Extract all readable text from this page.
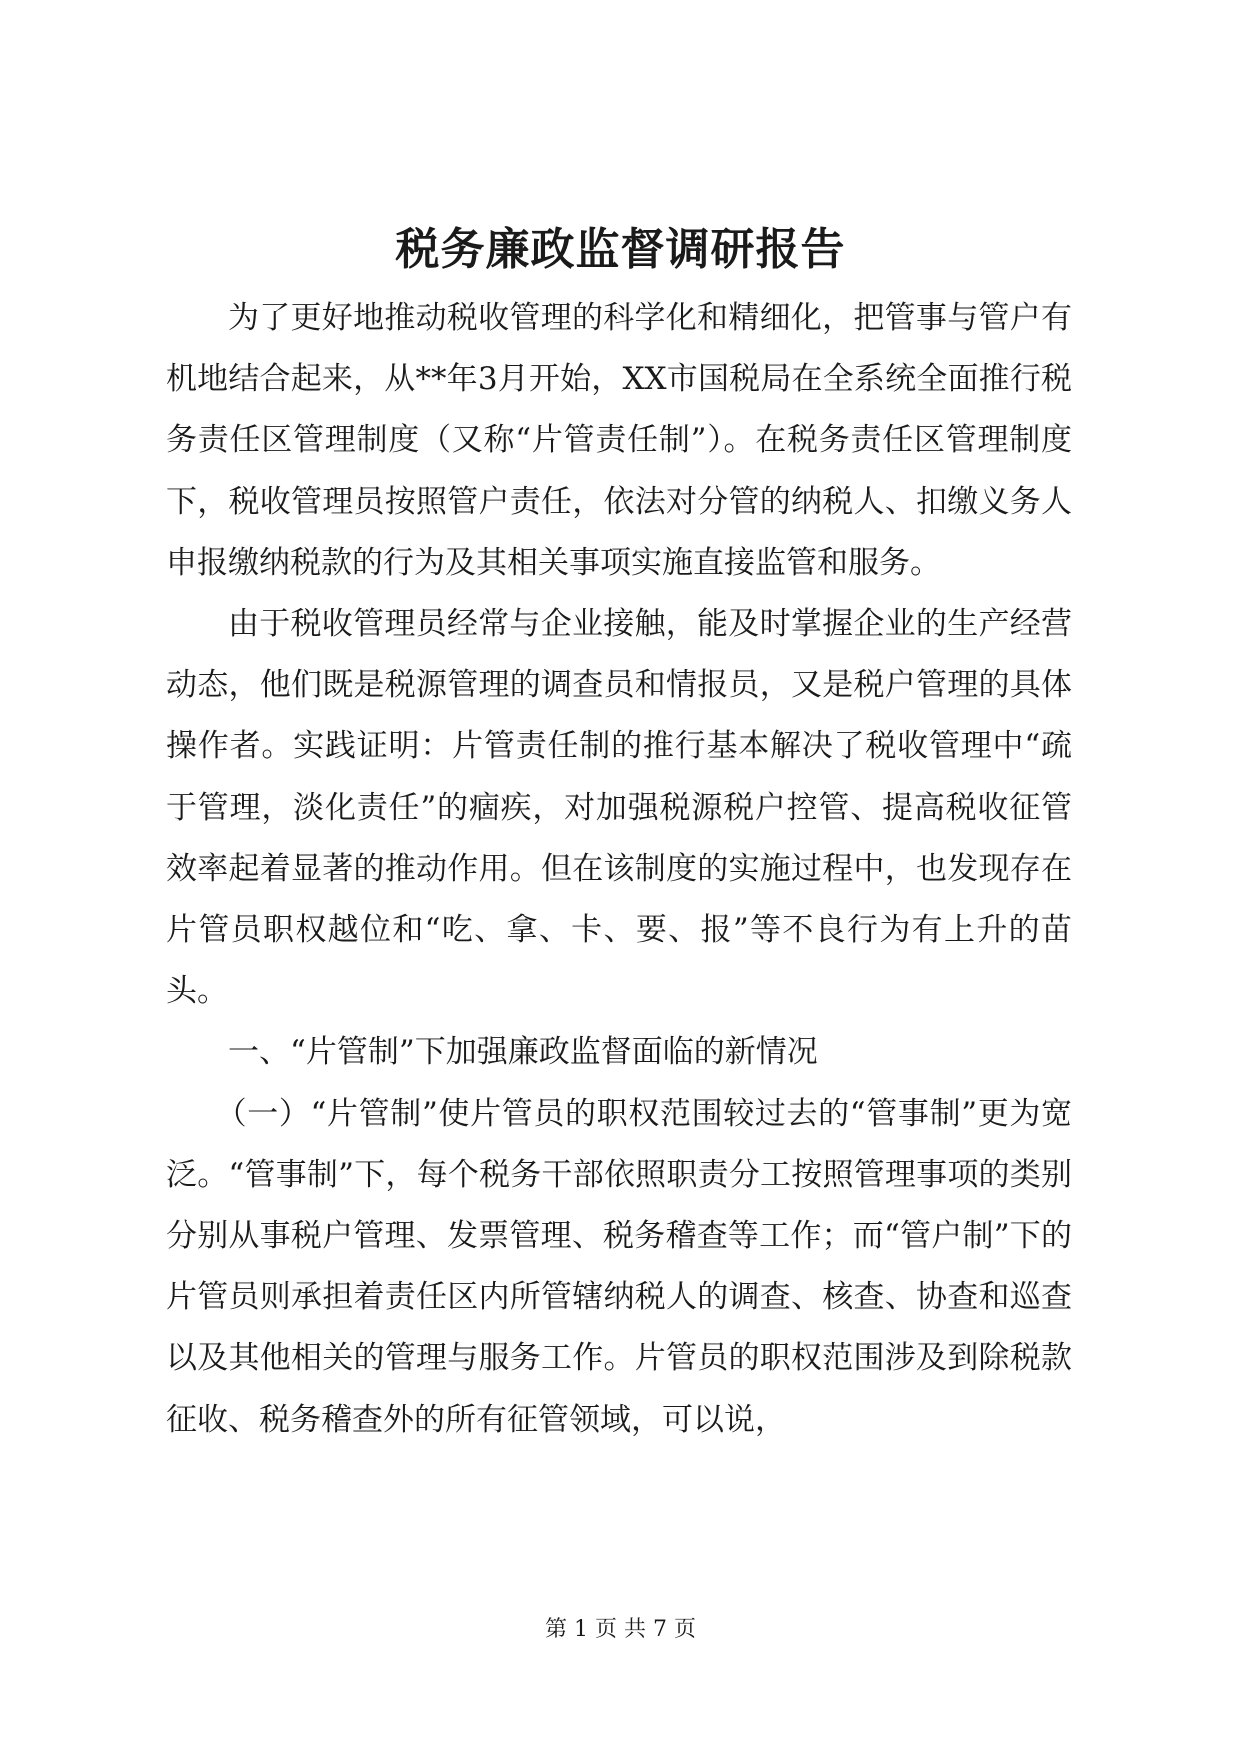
税务廉政监督调研报告

为了更好地推动税收管理的科学化和精细化，把管事与管户有机地结合起来，从**年3月开始，XX市国税局在全系统全面推行税务责任区管理制度（又称“片管责任制”）。在税务责任区管理制度下，税收管理员按照管户责任，依法对分管的纳税人、扣缴义务人申报缴纳税款的行为及其相关事项实施直接监管和服务。

由于税收管理员经常与企业接触，能及时掌握企业的生产经营动态，他们既是税源管理的调查员和情报员，又是税户管理的具体操作者。实践证明：片管责任制的推行基本解决了税收管理中“疏于管理，淡化责任”的痼疾，对加强税源税户控管、提高税收征管效率起着显著的推动作用。但在该制度的实施过程中，也发现存在片管员职权越位和“吃、拿、卡、要、报”等不良行为有上升的苗头。

一、“片管制”下加强廉政监督面临的新情况

（一）“片管制”使片管员的职权范围较过去的“管事制”更为宽泛。“管事制”下，每个税务干部依照职责分工按照管理事项的类别分别从事税户管理、发票管理、税务稽查等工作；而“管户制”下的片管员则承担着责任区内所管辖纳税人的调查、核查、协查和巡查以及其他相关的管理与服务工作。片管员的职权范围涉及到除税款征收、税务稽查外的所有征管领域，可以说，

第 1 页 共 7 页
